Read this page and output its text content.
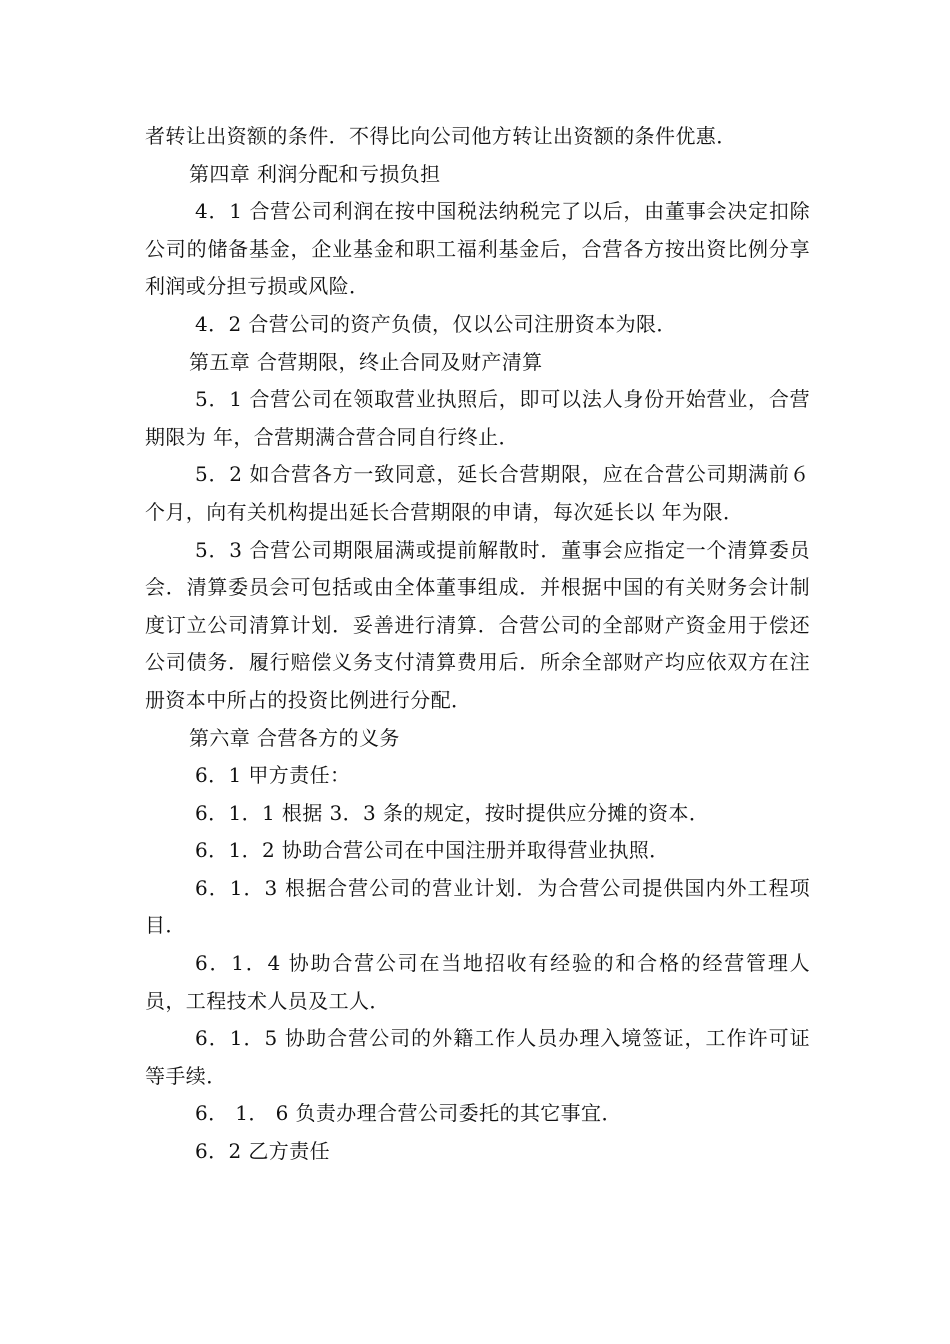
者转让出资额的条件．不得比向公司他方转让出资额的条件优惠．

第四章 利润分配和亏损负担

4．1 合营公司利润在按中国税法纳税完了以后，由董事会决定扣除公司的储备基金，企业基金和职工福利基金后，合营各方按出资比例分享利润或分担亏损或风险．

4．2 合营公司的资产负债，仅以公司注册资本为限．

第五章 合营期限，终止合同及财产清算

5．1 合营公司在领取营业执照后，即可以法人身份开始营业，合营期限为 年，合营期满合营合同自行终止．

5．2 如合营各方一致同意，延长合营期限，应在合营公司期满前６个月，向有关机构提出延长合营期限的申请，每次延长以 年为限．

5．3 合营公司期限届满或提前解散时．董事会应指定一个清算委员会．清算委员会可包括或由全体董事组成．并根据中国的有关财务会计制度订立公司清算计划．妥善进行清算．合营公司的全部财产资金用于偿还公司债务．履行赔偿义务支付清算费用后．所余全部财产均应依双方在注册资本中所占的投资比例进行分配．

第六章 合营各方的义务

6．1 甲方责任：

6．1．1 根据 3．3 条的规定，按时提供应分摊的资本．

6．1．2 协助合营公司在中国注册并取得营业执照．

6．1．3 根据合营公司的营业计划．为合营公司提供国内外工程项目．

6．1．4 协助合营公司在当地招收有经验的和合格的经营管理人员，工程技术人员及工人．

6．1．5 协助合营公司的外籍工作人员办理入境签证，工作许可证等手续．

6． 1． 6 负责办理合营公司委托的其它事宜．

6．2 乙方责任
